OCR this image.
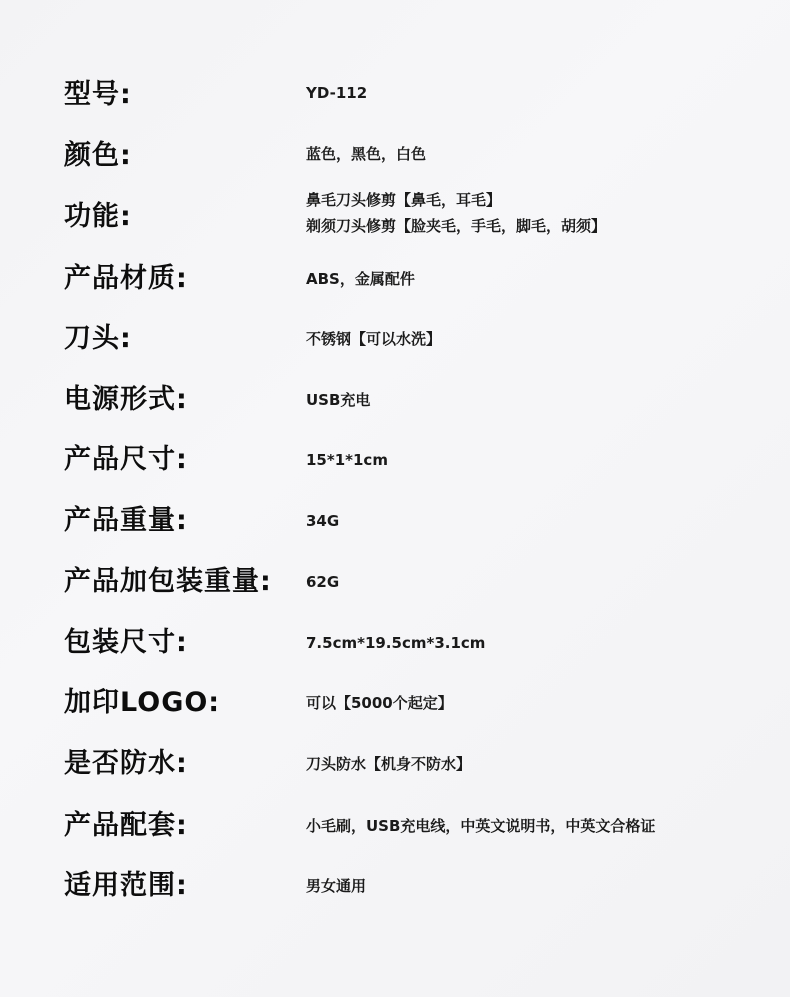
型号:	YD-112
颜色:	蓝色，黑色，白色
功能:
鼻毛刀头修剪【鼻毛，耳毛】
剃须刀头修剪【脸夹毛，手毛，脚毛，胡须】
产品材质:	ABS，金属配件
刀头:	不锈钢【可以水洗】
电源形式:	USB充电
产品尺寸:	15*1*1cm
产品重量:	34G
产品加包装重量: 62G
包装尺寸:	7.5cm*19.5cm*3.1cm
加印LOGO:	可以【5000个起定】
是否防水:	刀头防水【机身不防水】
产品配套:	小毛刷，USB充电线，中英文说明书，中英文合格证
适用范围:	男女通用
